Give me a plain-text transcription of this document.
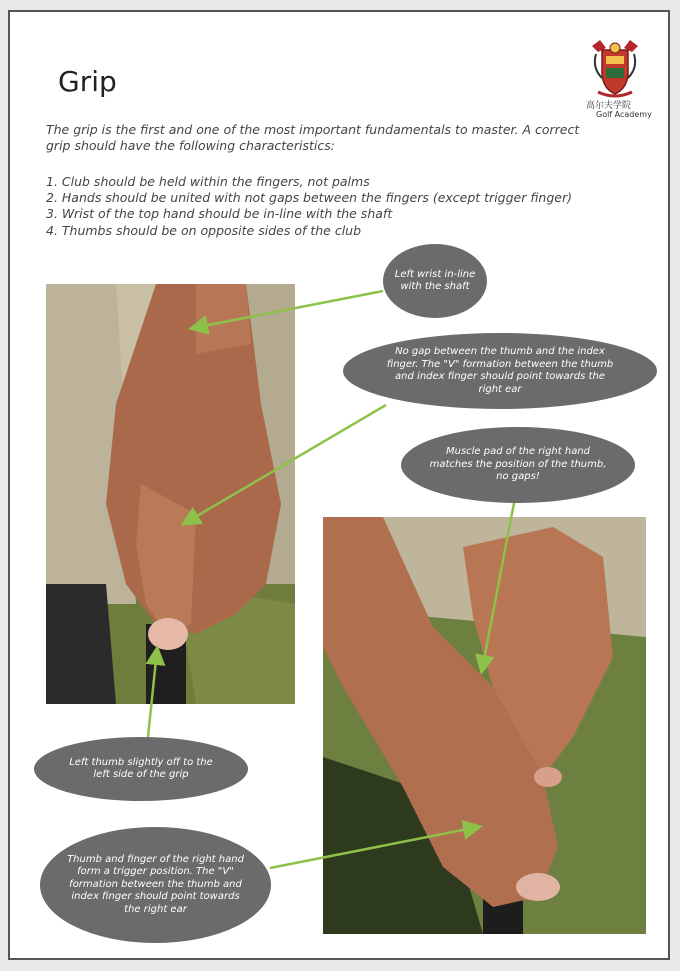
Grip
高尔夫学院
Golf Academy
The grip is the first and one of the most important fundamentals to master. A correct grip should have the following characteristics:
1. Club should be held within the fingers, not palms
2. Hands should be united with not gaps between the fingers (except trigger finger)
3. Wrist of the top hand should be in-line with the shaft
4. Thumbs should be on opposite sides of the club
Left wrist in-line with the shaft
No gap between the thumb and the index finger. The "V" formation between the thumb and index finger should point towards the right ear
Muscle pad of the right hand matches the position of the thumb, no gaps!
Left thumb slightly off to the left side of the grip
Thumb and finger of the right hand form a trigger position. The "V" formation between the thumb and index finger should point towards the right ear
